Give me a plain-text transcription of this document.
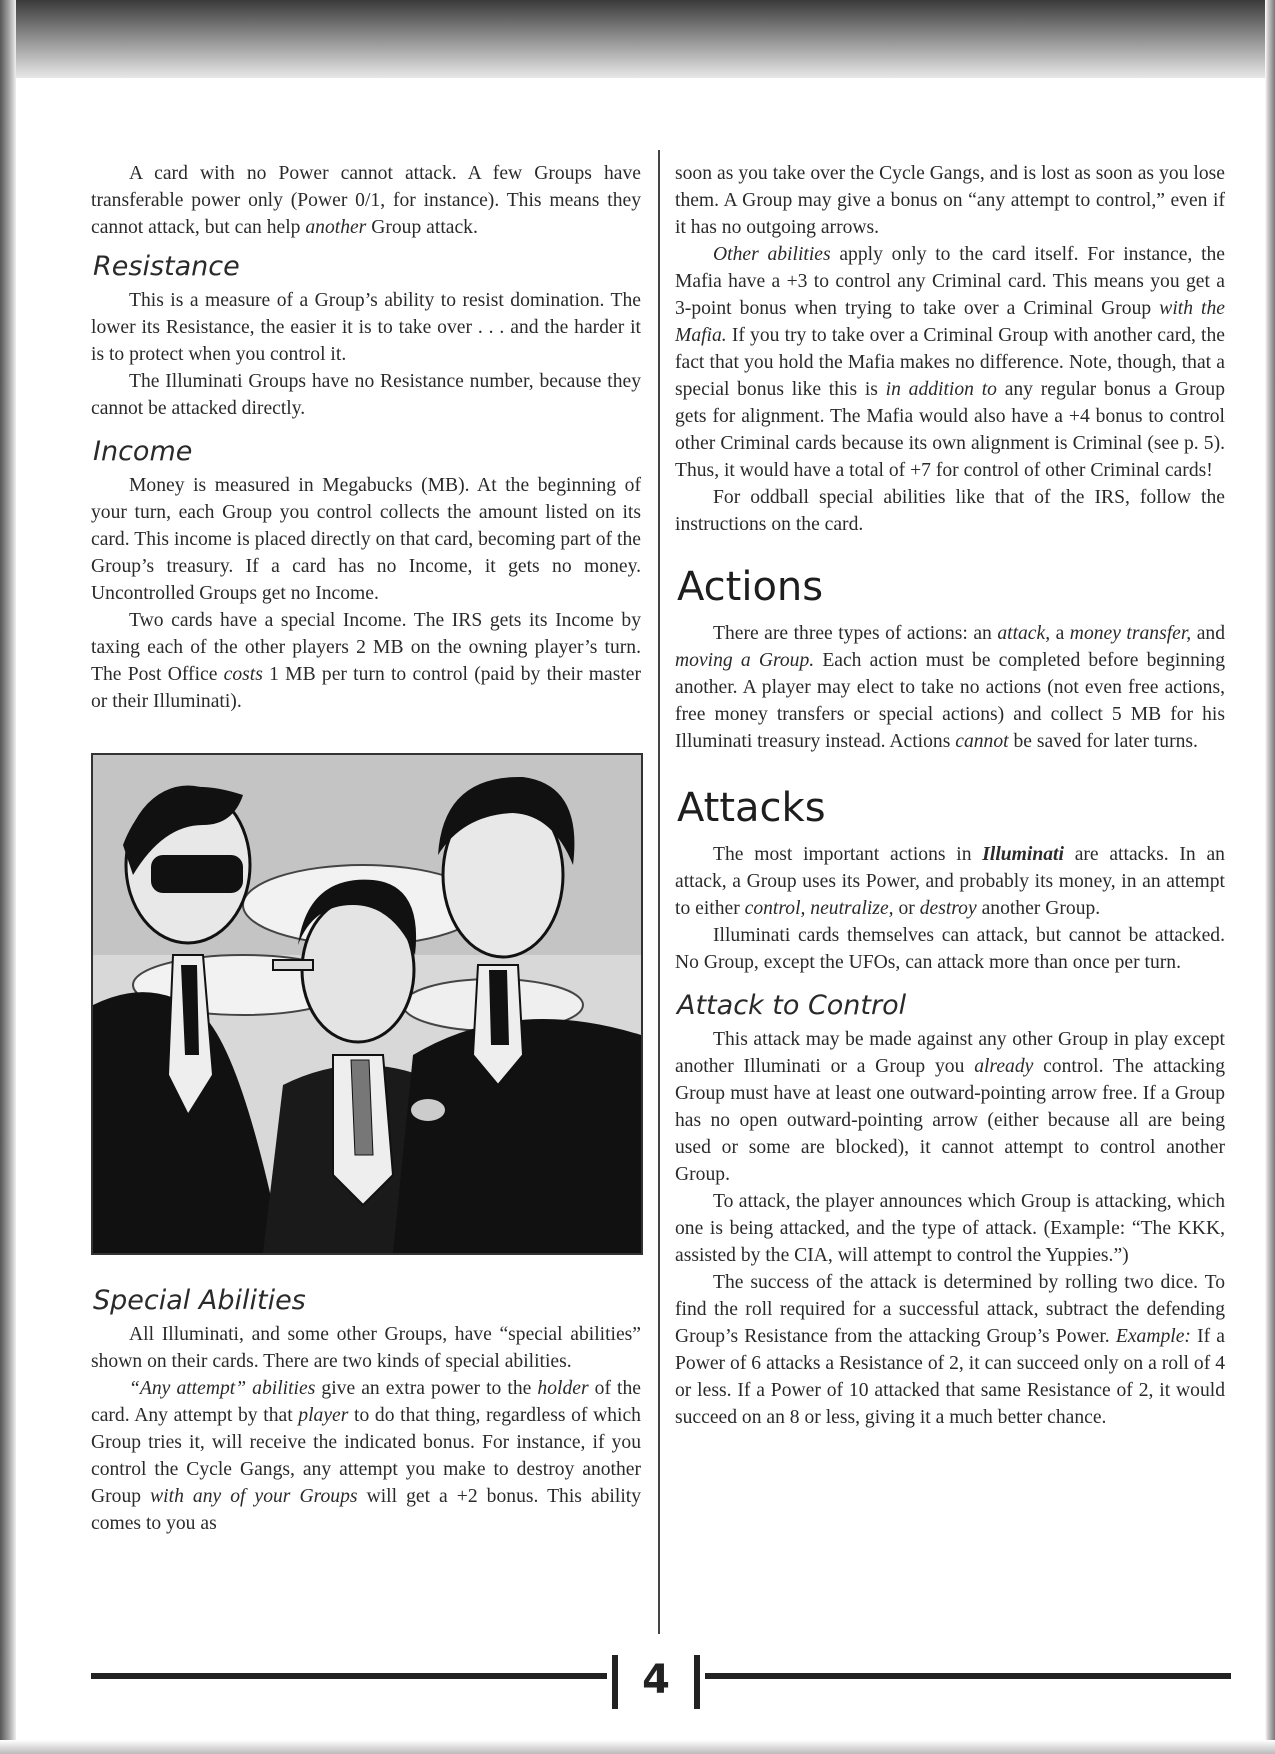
A card with no Power cannot attack. A few Groups have transferable power only (Power 0/1, for instance). This means they cannot attack, but can help another Group attack.

Resistance

This is a measure of a Group’s ability to resist domination. The lower its Resistance, the easier it is to take over . . . and the harder it is to protect when you control it.

The Illuminati Groups have no Resistance number, because they cannot be attacked directly.

Income

Money is measured in Megabucks (MB). At the beginning of your turn, each Group you control collects the amount listed on its card. This income is placed directly on that card, becoming part of the Group’s treasury. If a card has no Income, it gets no money. Uncontrolled Groups get no Income.

Two cards have a special Income. The IRS gets its Income by taxing each of the other players 2 MB on the owning player’s turn. The Post Office costs 1 MB per turn to control (paid by their master or their Illuminati).

Special Abilities

All Illuminati, and some other Groups, have “special abilities” shown on their cards. There are two kinds of special abilities.

“Any attempt” abilities give an extra power to the holder of the card. Any attempt by that player to do that thing, regardless of which Group tries it, will receive the indicated bonus. For instance, if you control the Cycle Gangs, any attempt you make to destroy another Group with any of your Groups will get a +2 bonus. This ability comes to you as

soon as you take over the Cycle Gangs, and is lost as soon as you lose them. A Group may give a bonus on “any attempt to control,” even if it has no outgoing arrows.

Other abilities apply only to the card itself. For instance, the Mafia have a +3 to control any Criminal card. This means you get a 3-point bonus when trying to take over a Criminal Group with the Mafia. If you try to take over a Criminal Group with another card, the fact that you hold the Mafia makes no difference. Note, though, that a special bonus like this is in addition to any regular bonus a Group gets for alignment. The Mafia would also have a +4 bonus to control other Criminal cards because its own alignment is Criminal (see p. 5). Thus, it would have a total of +7 for control of other Criminal cards!

For oddball special abilities like that of the IRS, follow the instructions on the card.

Actions

There are three types of actions: an attack, a money transfer, and moving a Group. Each action must be completed before beginning another. A player may elect to take no actions (not even free actions, free money transfers or special actions) and collect 5 MB for his Illuminati treasury instead. Actions cannot be saved for later turns.

Attacks

The most important actions in Illuminati are attacks. In an attack, a Group uses its Power, and probably its money, in an attempt to either control, neutralize, or destroy another Group.

Illuminati cards themselves can attack, but cannot be attacked. No Group, except the UFOs, can attack more than once per turn.

Attack to Control

This attack may be made against any other Group in play except another Illuminati or a Group you already control. The attacking Group must have at least one outward-pointing arrow free. If a Group has no open outward-pointing arrow (either because all are being used or some are blocked), it cannot attempt to control another Group.

To attack, the player announces which Group is attacking, which one is being attacked, and the type of attack. (Example: “The KKK, assisted by the CIA, will attempt to control the Yuppies.”)

The success of the attack is determined by rolling two dice. To find the roll required for a successful attack, subtract the defending Group’s Resistance from the attacking Group’s Power. Example: If a Power of 6 attacks a Resistance of 2, it can succeed only on a roll of 4 or less. If a Power of 10 attacked that same Resistance of 2, it would succeed on an 8 or less, giving it a much better chance.

4
